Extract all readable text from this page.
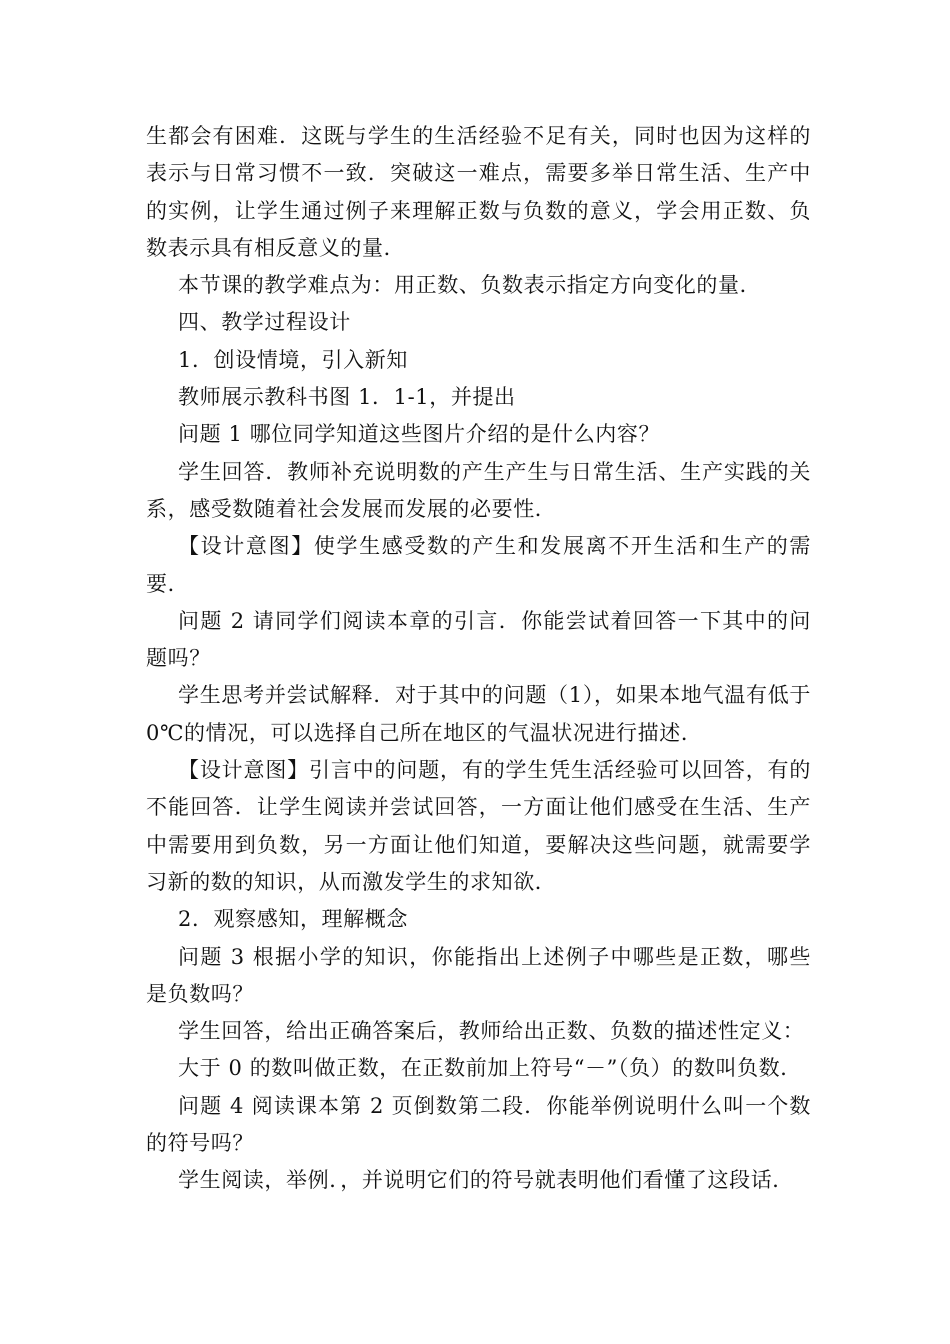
生都会有困难．这既与学生的生活经验不足有关，同时也因为这样的表示与日常习惯不一致．突破这一难点，需要多举日常生活、生产中的实例，让学生通过例子来理解正数与负数的意义，学会用正数、负数表示具有相反意义的量．

本节课的教学难点为：用正数、负数表示指定方向变化的量．

四、教学过程设计

1．创设情境，引入新知

教师展示教科书图 1．1-1，并提出

问题 1 哪位同学知道这些图片介绍的是什么内容？

学生回答．教师补充说明数的产生产生与日常生活、生产实践的关系，感受数随着社会发展而发展的必要性．

【设计意图】使学生感受数的产生和发展离不开生活和生产的需要．

问题 2 请同学们阅读本章的引言．你能尝试着回答一下其中的问题吗？

学生思考并尝试解释．对于其中的问题（1），如果本地气温有低于0℃的情况，可以选择自己所在地区的气温状况进行描述．

【设计意图】引言中的问题，有的学生凭生活经验可以回答，有的不能回答．让学生阅读并尝试回答，一方面让他们感受在生活、生产中需要用到负数，另一方面让他们知道，要解决这些问题，就需要学习新的数的知识，从而激发学生的求知欲．

2．观察感知，理解概念

问题 3 根据小学的知识，你能指出上述例子中哪些是正数，哪些是负数吗？

学生回答，给出正确答案后，教师给出正数、负数的描述性定义：

大于 0 的数叫做正数，在正数前加上符号“－”（负）的数叫负数．

问题 4 阅读课本第 2 页倒数第二段．你能举例说明什么叫一个数的符号吗？

学生阅读，举例．，并说明它们的符号就表明他们看懂了这段话．
